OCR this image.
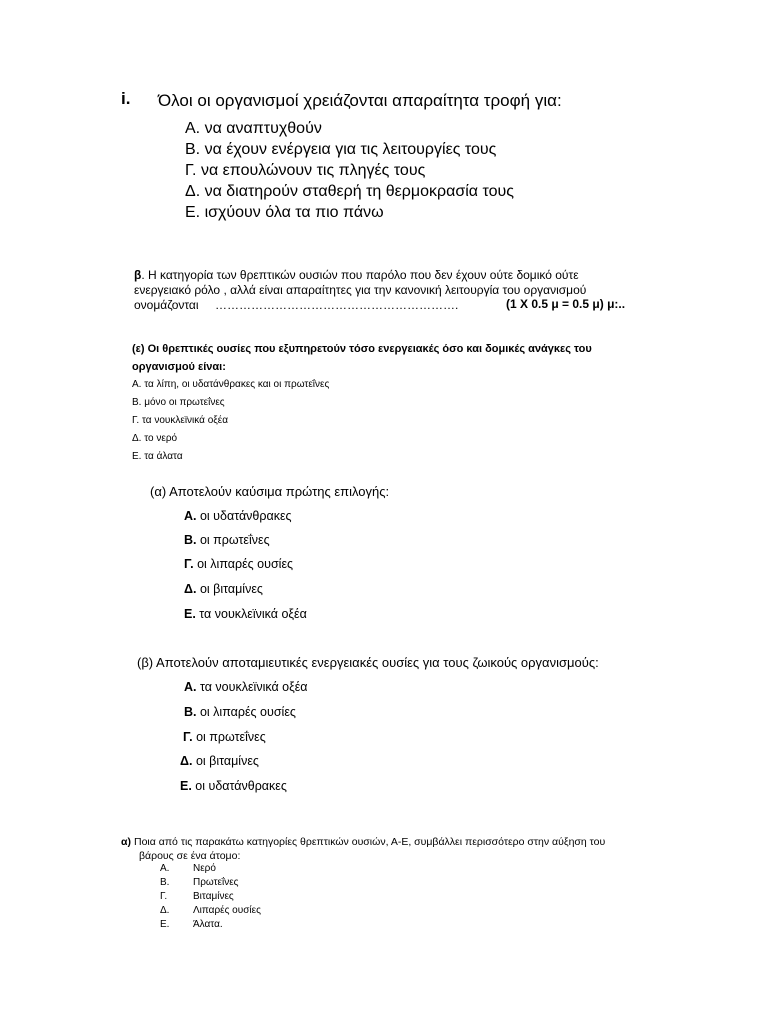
i. Όλοι οι οργανισμοί χρειάζονται απαραίτητα τροφή για:
Α. να αναπτυχθούν
Β. να έχουν ενέργεια για τις λειτουργίες τους
Γ. να επουλώνουν τις πληγές τους
Δ. να διατηρούν σταθερή τη θερμοκρασία τους
Ε. ισχύουν όλα τα πιο πάνω
β. Η κατηγορία των θρεπτικών ουσιών που παρόλο που δεν έχουν ούτε δομικό ούτε
ενεργειακό ρόλο , αλλά είναι απαραίτητες για την κανονική λειτουργία του οργανισμού
ονομάζονται …………………………………………………….	(1 Χ 0.5 μ = 0.5 μ) μ:..
(ε) Οι θρεπτικές ουσίες που εξυπηρετούν τόσο ενεργειακές όσο και δομικές ανάγκες του
οργανισμού είναι:
Α. τα λίπη, οι υδατάνθρακες και οι πρωτεΐνες
Β. μόνο οι πρωτεΐνες
Γ. τα νουκλεϊνικά οξέα
Δ. το νερό
Ε. τα άλατα
(α) Αποτελούν καύσιμα πρώτης επιλογής:
Α. οι υδατάνθρακες
Β. οι πρωτεΐνες
Γ. οι λιπαρές ουσίες
Δ. οι βιταμίνες
Ε. τα νουκλεϊνικά οξέα
(β) Αποτελούν αποταμιευτικές ενεργειακές ουσίες για τους ζωικούς οργανισμούς:
Α. τα νουκλεϊνικά οξέα
Β. οι λιπαρές ουσίες
Γ. οι πρωτεΐνες
Δ. οι βιταμίνες
Ε. οι υδατάνθρακες
α) Ποια από τις παρακάτω κατηγορίες θρεπτικών ουσιών, Α-Ε, συμβάλλει περισσότερο στην αύξηση του
βάρους σε ένα άτομο:
Α. Νερό
Β. Πρωτεΐνες
Γ.	Βιταμίνες
Δ. Λιπαρές ουσίες
Ε. Άλατα.
